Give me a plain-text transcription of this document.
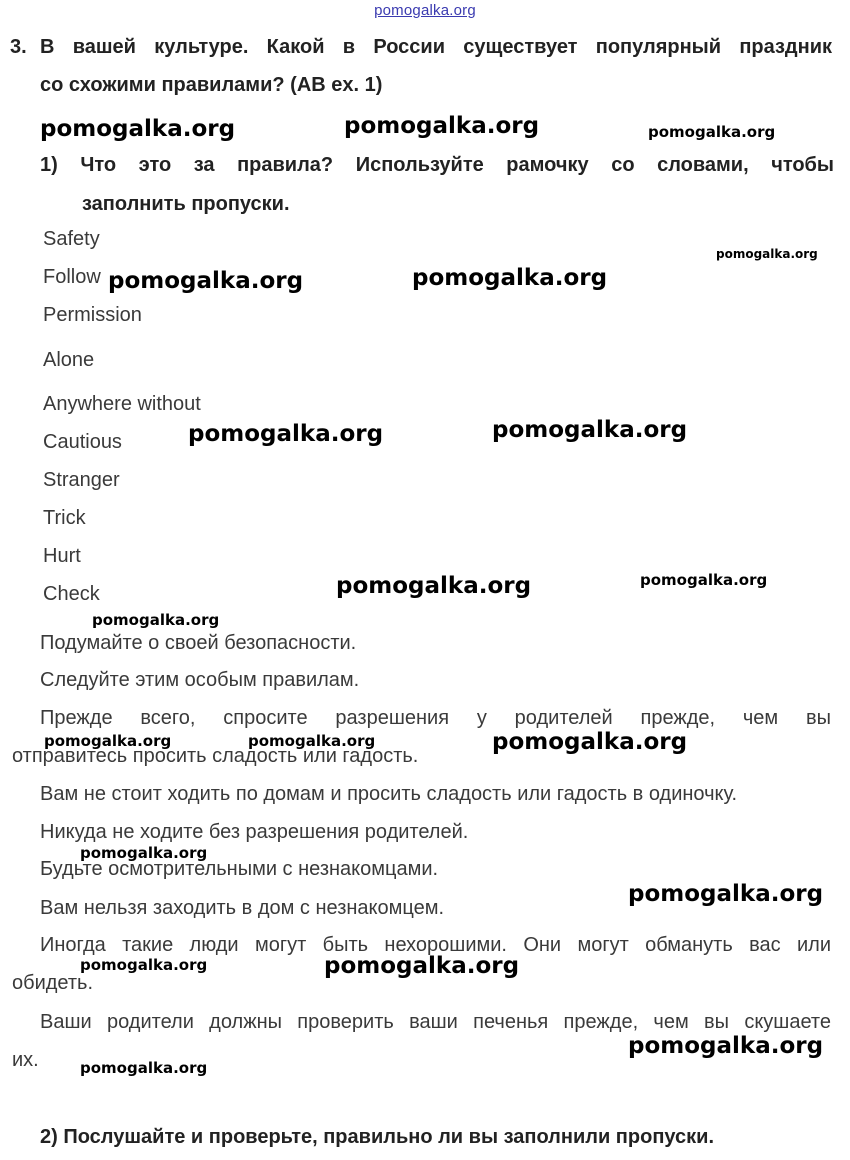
pomogalka.org
3. В вашей культуре. Какой в России существует популярный праздник
со схожими правилами? (АВ ex. 1)
1) Что это за правила? Используйте рамочку со словами, чтобы
заполнить пропуски.
Safety
Follow
Permission
Alone
Anywhere without
Cautious
Stranger
Trick
Hurt
Check
Подумайте о своей безопасности.
Следуйте этим особым правилам.
Прежде всего, спросите разрешения у родителей прежде, чем вы
отправитесь просить сладость или гадость.
Вам не стоит ходить по домам и просить сладость или гадость в одиночку.
Никуда не ходите без разрешения родителей.
Будьте осмотрительными с незнакомцами.
Вам нельзя заходить в дом с незнакомцем.
Иногда такие люди могут быть нехорошими. Они могут обмануть вас или
обидеть.
Ваши родители должны проверить ваши печенья прежде, чем вы скушаете
их.
2) Послушайте и проверьте, правильно ли вы заполнили пропуски.
pomogalka.org	pomogalka.org	pomogalka.org
pomogalka.org
pomogalka.org	pomogalka.org
pomogalka.org	pomogalka.org
pomogalka.org	pomogalka.org
pomogalka.org
pomogalka.org	pomogalka.org	pomogalka.org
pomogalka.org
pomogalka.org
pomogalka.org	pomogalka.org
pomogalka.org
pomogalka.org
